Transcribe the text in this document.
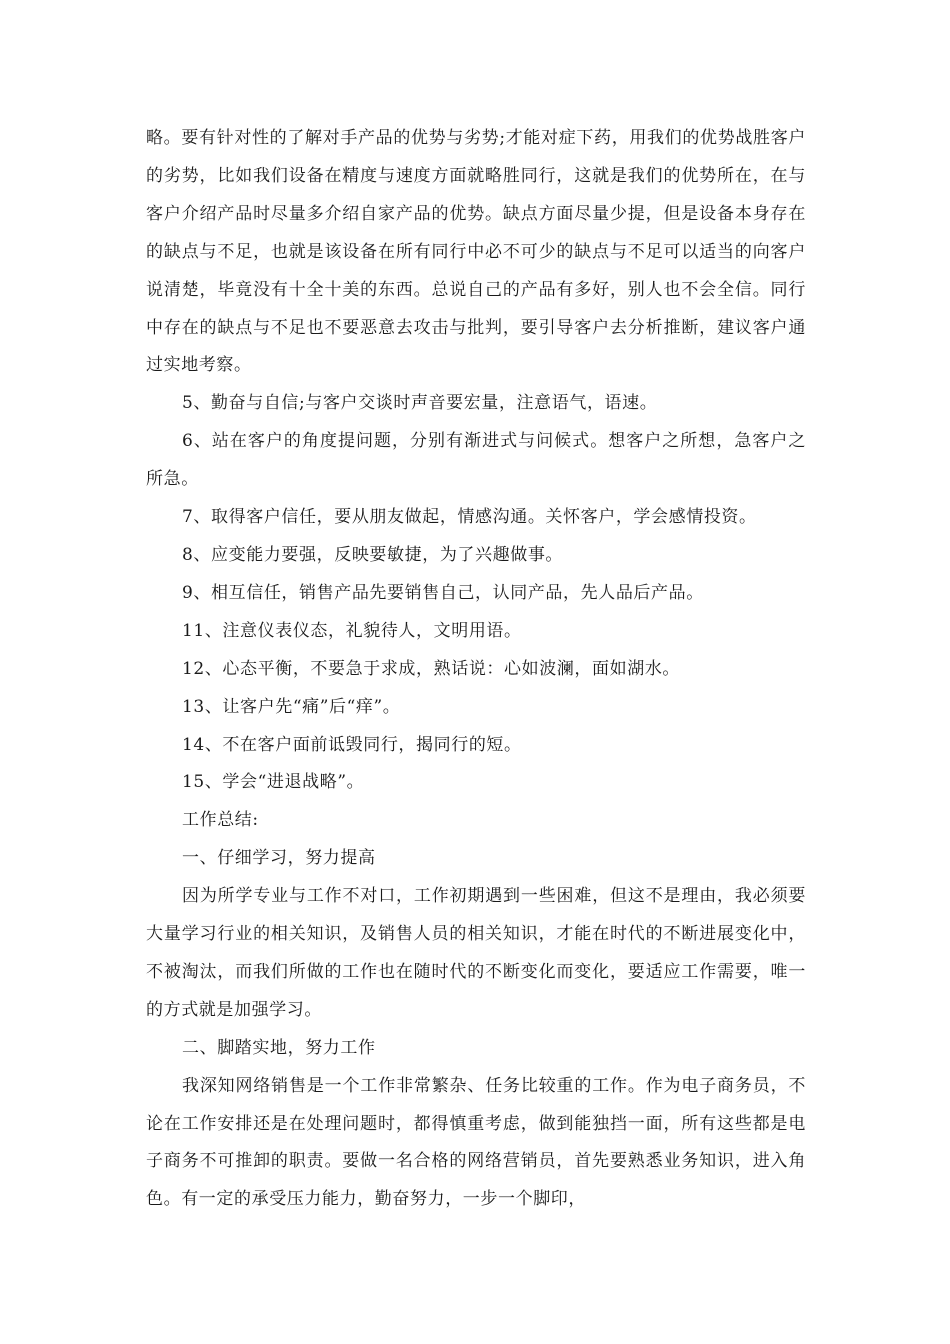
略。要有针对性的了解对手产品的优势与劣势;才能对症下药，用我们的优势战胜客户的劣势，比如我们设备在精度与速度方面就略胜同行，这就是我们的优势所在，在与客户介绍产品时尽量多介绍自家产品的优势。缺点方面尽量少提，但是设备本身存在的缺点与不足，也就是该设备在所有同行中必不可少的缺点与不足可以适当的向客户说清楚，毕竟没有十全十美的东西。总说自己的产品有多好，别人也不会全信。同行中存在的缺点与不足也不要恶意去攻击与批判，要引导客户去分析推断，建议客户通过实地考察。

5、勤奋与自信;与客户交谈时声音要宏量，注意语气，语速。

6、站在客户的角度提问题，分别有渐进式与问候式。想客户之所想，急客户之所急。

7、取得客户信任，要从朋友做起，情感沟通。关怀客户，学会感情投资。

8、应变能力要强，反映要敏捷，为了兴趣做事。

9、相互信任，销售产品先要销售自己，认同产品，先人品后产品。

11、注意仪表仪态，礼貌待人，文明用语。

12、心态平衡，不要急于求成，熟话说：心如波澜，面如湖水。

13、让客户先“痛”后“痒”。

14、不在客户面前诋毁同行，揭同行的短。

15、学会“进退战略”。

工作总结:

一、仔细学习，努力提高

因为所学专业与工作不对口，工作初期遇到一些困难，但这不是理由，我必须要大量学习行业的相关知识，及销售人员的相关知识，才能在时代的不断进展变化中，不被淘汰，而我们所做的工作也在随时代的不断变化而变化，要适应工作需要，唯一的方式就是加强学习。

二、脚踏实地，努力工作

我深知网络销售是一个工作非常繁杂、任务比较重的工作。作为电子商务员，不论在工作安排还是在处理问题时，都得慎重考虑，做到能独挡一面，所有这些都是电子商务不可推卸的职责。要做一名合格的网络营销员，首先要熟悉业务知识，进入角色。有一定的承受压力能力，勤奋努力，一步一个脚印，
